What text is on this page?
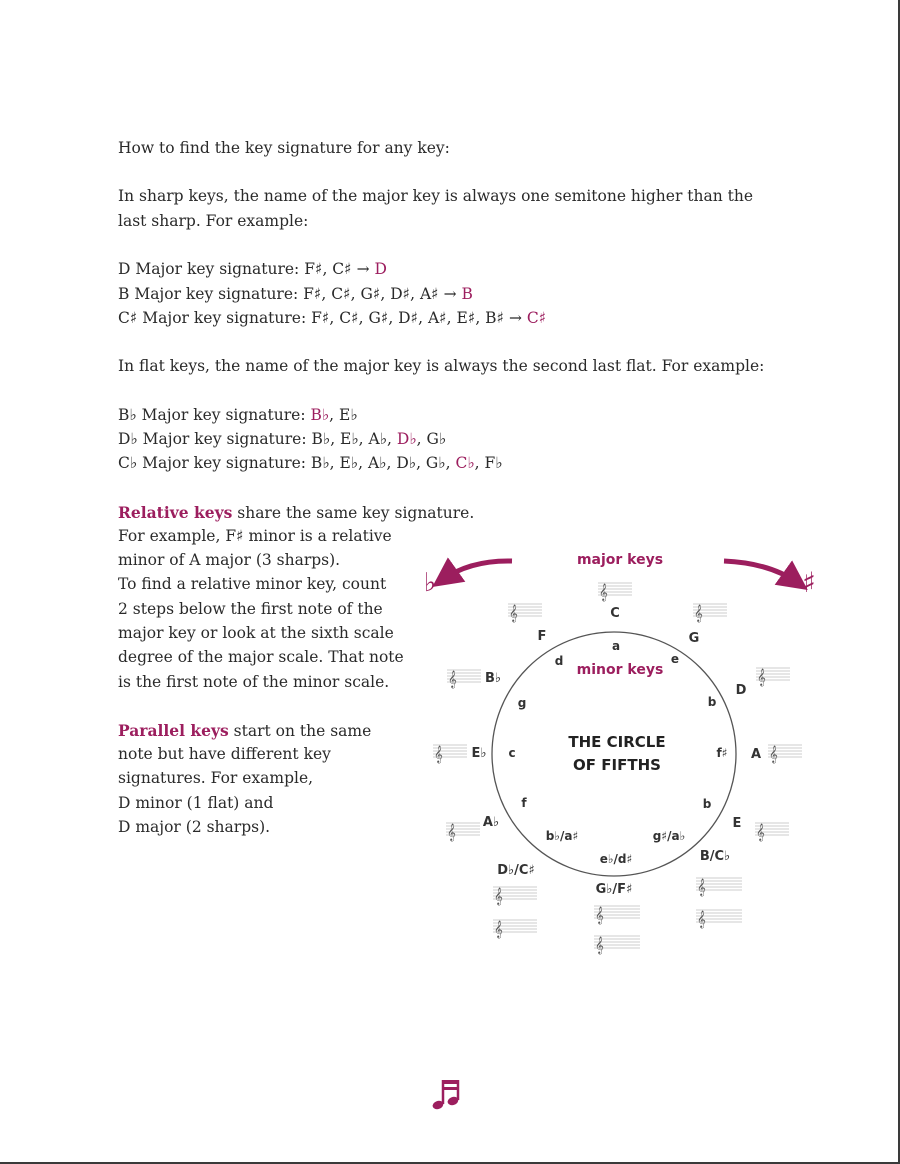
How to find the key signature for any key:
In sharp keys, the name of the major key is always one semitone higher than the
last sharp. For example:
D Major key signature: F♯, C♯ → D
B Major key signature: F♯, C♯, G♯, D♯, A♯ → B
C♯ Major key signature: F♯, C♯, G♯, D♯, A♯, E♯, B♯ → C♯
In flat keys, the name of the major key is always the second last flat. For example:
B♭ Major key signature: B♭, E♭
D♭ Major key signature: B♭, E♭, A♭, D♭, G♭
C♭ Major key signature: B♭, E♭, A♭, D♭, G♭, C♭, F♭
Relative keys share the same key signature.
For example, F♯ minor is a relative
minor of A major (3 sharps).
To find a relative minor key, count
2 steps below the first note of the
major key or look at the sixth scale
degree of the major scale. That note
is the first note of the minor scale.
Parallel keys start on the same
note but have different key
signatures. For example,
D minor (1 flat) and
D major (2 sharps).
♭	♯
major keys
minor keys
THE CIRCLE
OF FIFTHS
C
G
D
A
E
B/C♭
G♭/F♯
D♭/C♯
A♭
E♭
B♭
F
a
e
b
f♯
b
g♯/a♭
e♭/d♯
b♭/a♯
f
c
g
d
𝄞
𝄞	𝄞
𝄞	𝄞
𝄞	𝄞
𝄞	𝄞
𝄞
𝄞
𝄞
𝄞
𝄞
𝄞
